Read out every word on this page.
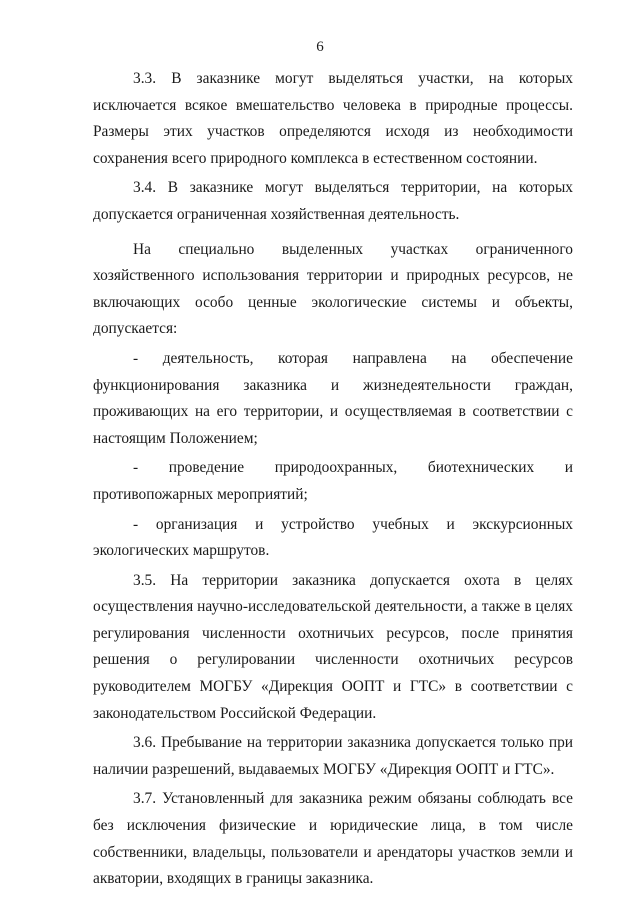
6

3.3. В заказнике могут выделяться участки, на которых исключается всякое вмешательство человека в природные процессы. Размеры этих участков определяются исходя из необходимости сохранения всего природного комплекса в естественном состоянии.

3.4. В заказнике могут выделяться территории, на которых допускается ограниченная хозяйственная деятельность.

На специально выделенных участках ограниченного хозяйственного использования территории и природных ресурсов, не включающих особо ценные экологические системы и объекты, допускается:

- деятельность, которая направлена на обеспечение функционирования заказника и жизнедеятельности граждан, проживающих на его территории, и осуществляемая в соответствии с настоящим Положением;

- проведение природоохранных, биотехнических и противопожарных мероприятий;

- организация и устройство учебных и экскурсионных экологических маршрутов.

3.5. На территории заказника допускается охота в целях осуществления научно-исследовательской деятельности, а также в целях регулирования численности охотничьих ресурсов, после принятия решения о регулировании численности охотничьих ресурсов руководителем МОГБУ «Дирекция ООПТ и ГТС» в соответствии с законодательством Российской Федерации.

3.6. Пребывание на территории заказника допускается только при наличии разрешений, выдаваемых МОГБУ «Дирекция ООПТ и ГТС».

3.7. Установленный для заказника режим обязаны соблюдать все без исключения физические и юридические лица, в том числе собственники, владельцы, пользователи и арендаторы участков земли и акватории, входящих в границы заказника.
